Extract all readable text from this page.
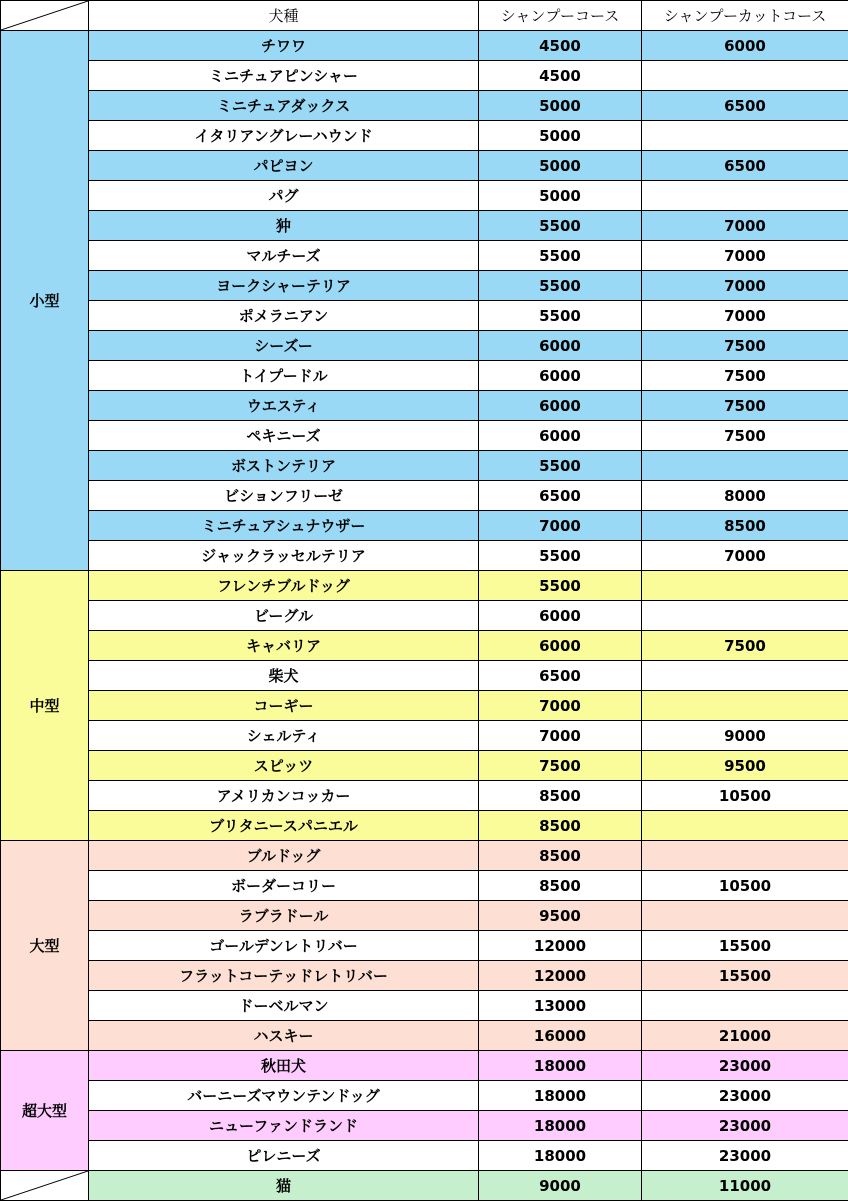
	犬種	シャンプーコース	シャンプーカットコース
小型	チワワ	4500	6000
	ミニチュアピンシャー	4500	
	ミニチュアダックス	5000	6500
	イタリアングレーハウンド	5000	
	パピヨン	5000	6500
	パグ	5000	
	狆	5500	7000
	マルチーズ	5500	7000
	ヨークシャーテリア	5500	7000
	ポメラニアン	5500	7000
	シーズー	6000	7500
	トイプードル	6000	7500
	ウエスティ	6000	7500
	ペキニーズ	6000	7500
	ボストンテリア	5500	
	ビションフリーゼ	6500	8000
	ミニチュアシュナウザー	7000	8500
	ジャックラッセルテリア	5500	7000
中型	フレンチブルドッグ	5500	
	ビーグル	6000	
	キャバリア	6000	7500
	柴犬	6500	
	コーギー	7000	
	シェルティ	7000	9000
	スピッツ	7500	9500
	アメリカンコッカー	8500	10500
	ブリタニースパニエル	8500	
大型	ブルドッグ	8500	
	ボーダーコリー	8500	10500
	ラブラドール	9500	
	ゴールデンレトリバー	12000	15500
	フラットコーテッドレトリバー	12000	15500
	ドーベルマン	13000	
	ハスキー	16000	21000
超大型	秋田犬	18000	23000
	バーニーズマウンテンドッグ	18000	23000
	ニューファンドランド	18000	23000
	ピレニーズ	18000	23000

	猫	9000	11000
